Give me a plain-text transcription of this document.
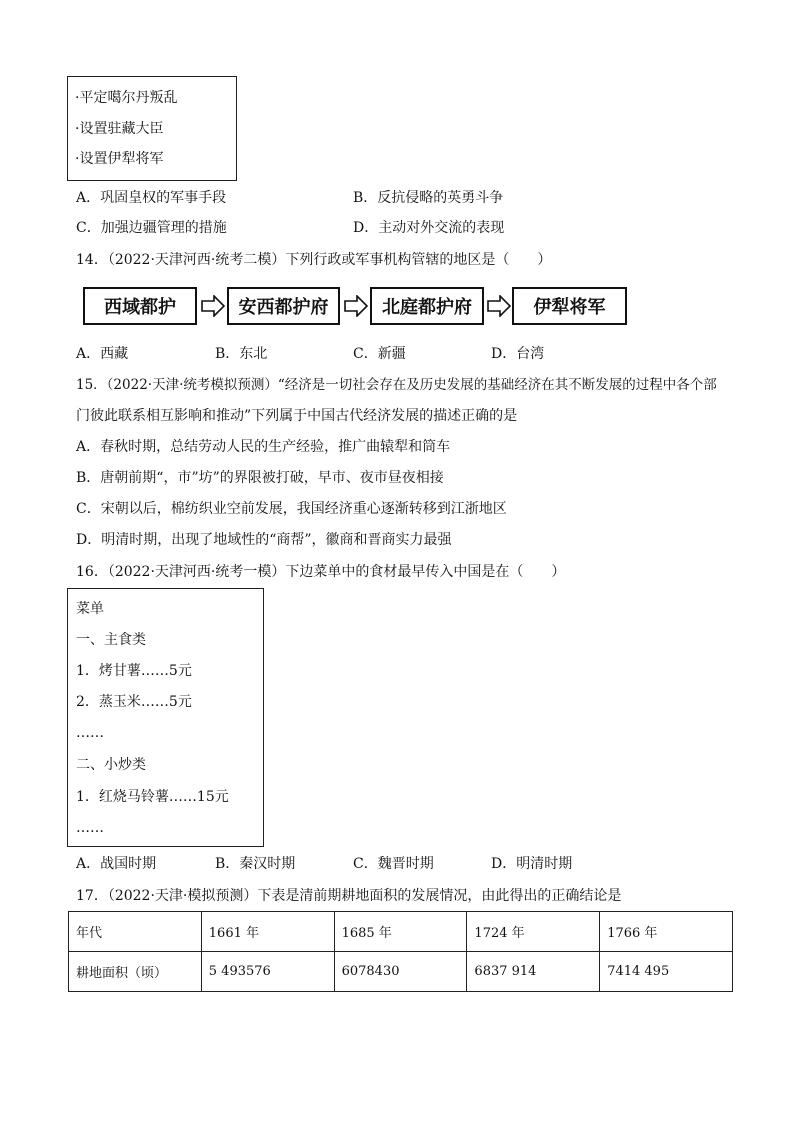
·平定噶尔丹叛乱
·设置驻藏大臣
·设置伊犁将军
A．巩固皇权的军事手段	B．反抗侵略的英勇斗争
C．加强边疆管理的措施	D．主动对外交流的表现
14．（2022·天津河西·统考二模）下列行政或军事机构管辖的地区是（　　）
西域都护	安西都护府	北庭都护府	伊犁将军
A．西藏	B．东北	C．新疆	D．台湾
15．（2022·天津·统考模拟预测）“经济是一切社会存在及历史发展的基础经济在其不断发展的过程中各个部
门彼此联系相互影响和推动”下列属于中国古代经济发展的描述正确的是
A．春秋时期，总结劳动人民的生产经验，推广曲辕犁和筒车
B．唐朝前期“，市”坊”的界限被打破，早市、夜市昼夜相接
C．宋朝以后，棉纺织业空前发展，我国经济重心逐渐转移到江浙地区
D．明清时期，出现了地域性的“商帮”，徽商和晋商实力最强
16．（2022·天津河西·统考一模）下边菜单中的食材最早传入中国是在（　　）
菜单
一、主食类
1．烤甘薯……5元
2．蒸玉米……5元
……
二、小炒类
1．红烧马铃薯……15元
……
A．战国时期	B．秦汉时期	C．魏晋时期	D．明清时期
17．（2022·天津·模拟预测）下表是清前期耕地面积的发展情况，由此得出的正确结论是
年代	1661 年	1685 年	1724 年	1766 年
耕地面积（顷）	5 493576	6078430	6837 914	7414 495
